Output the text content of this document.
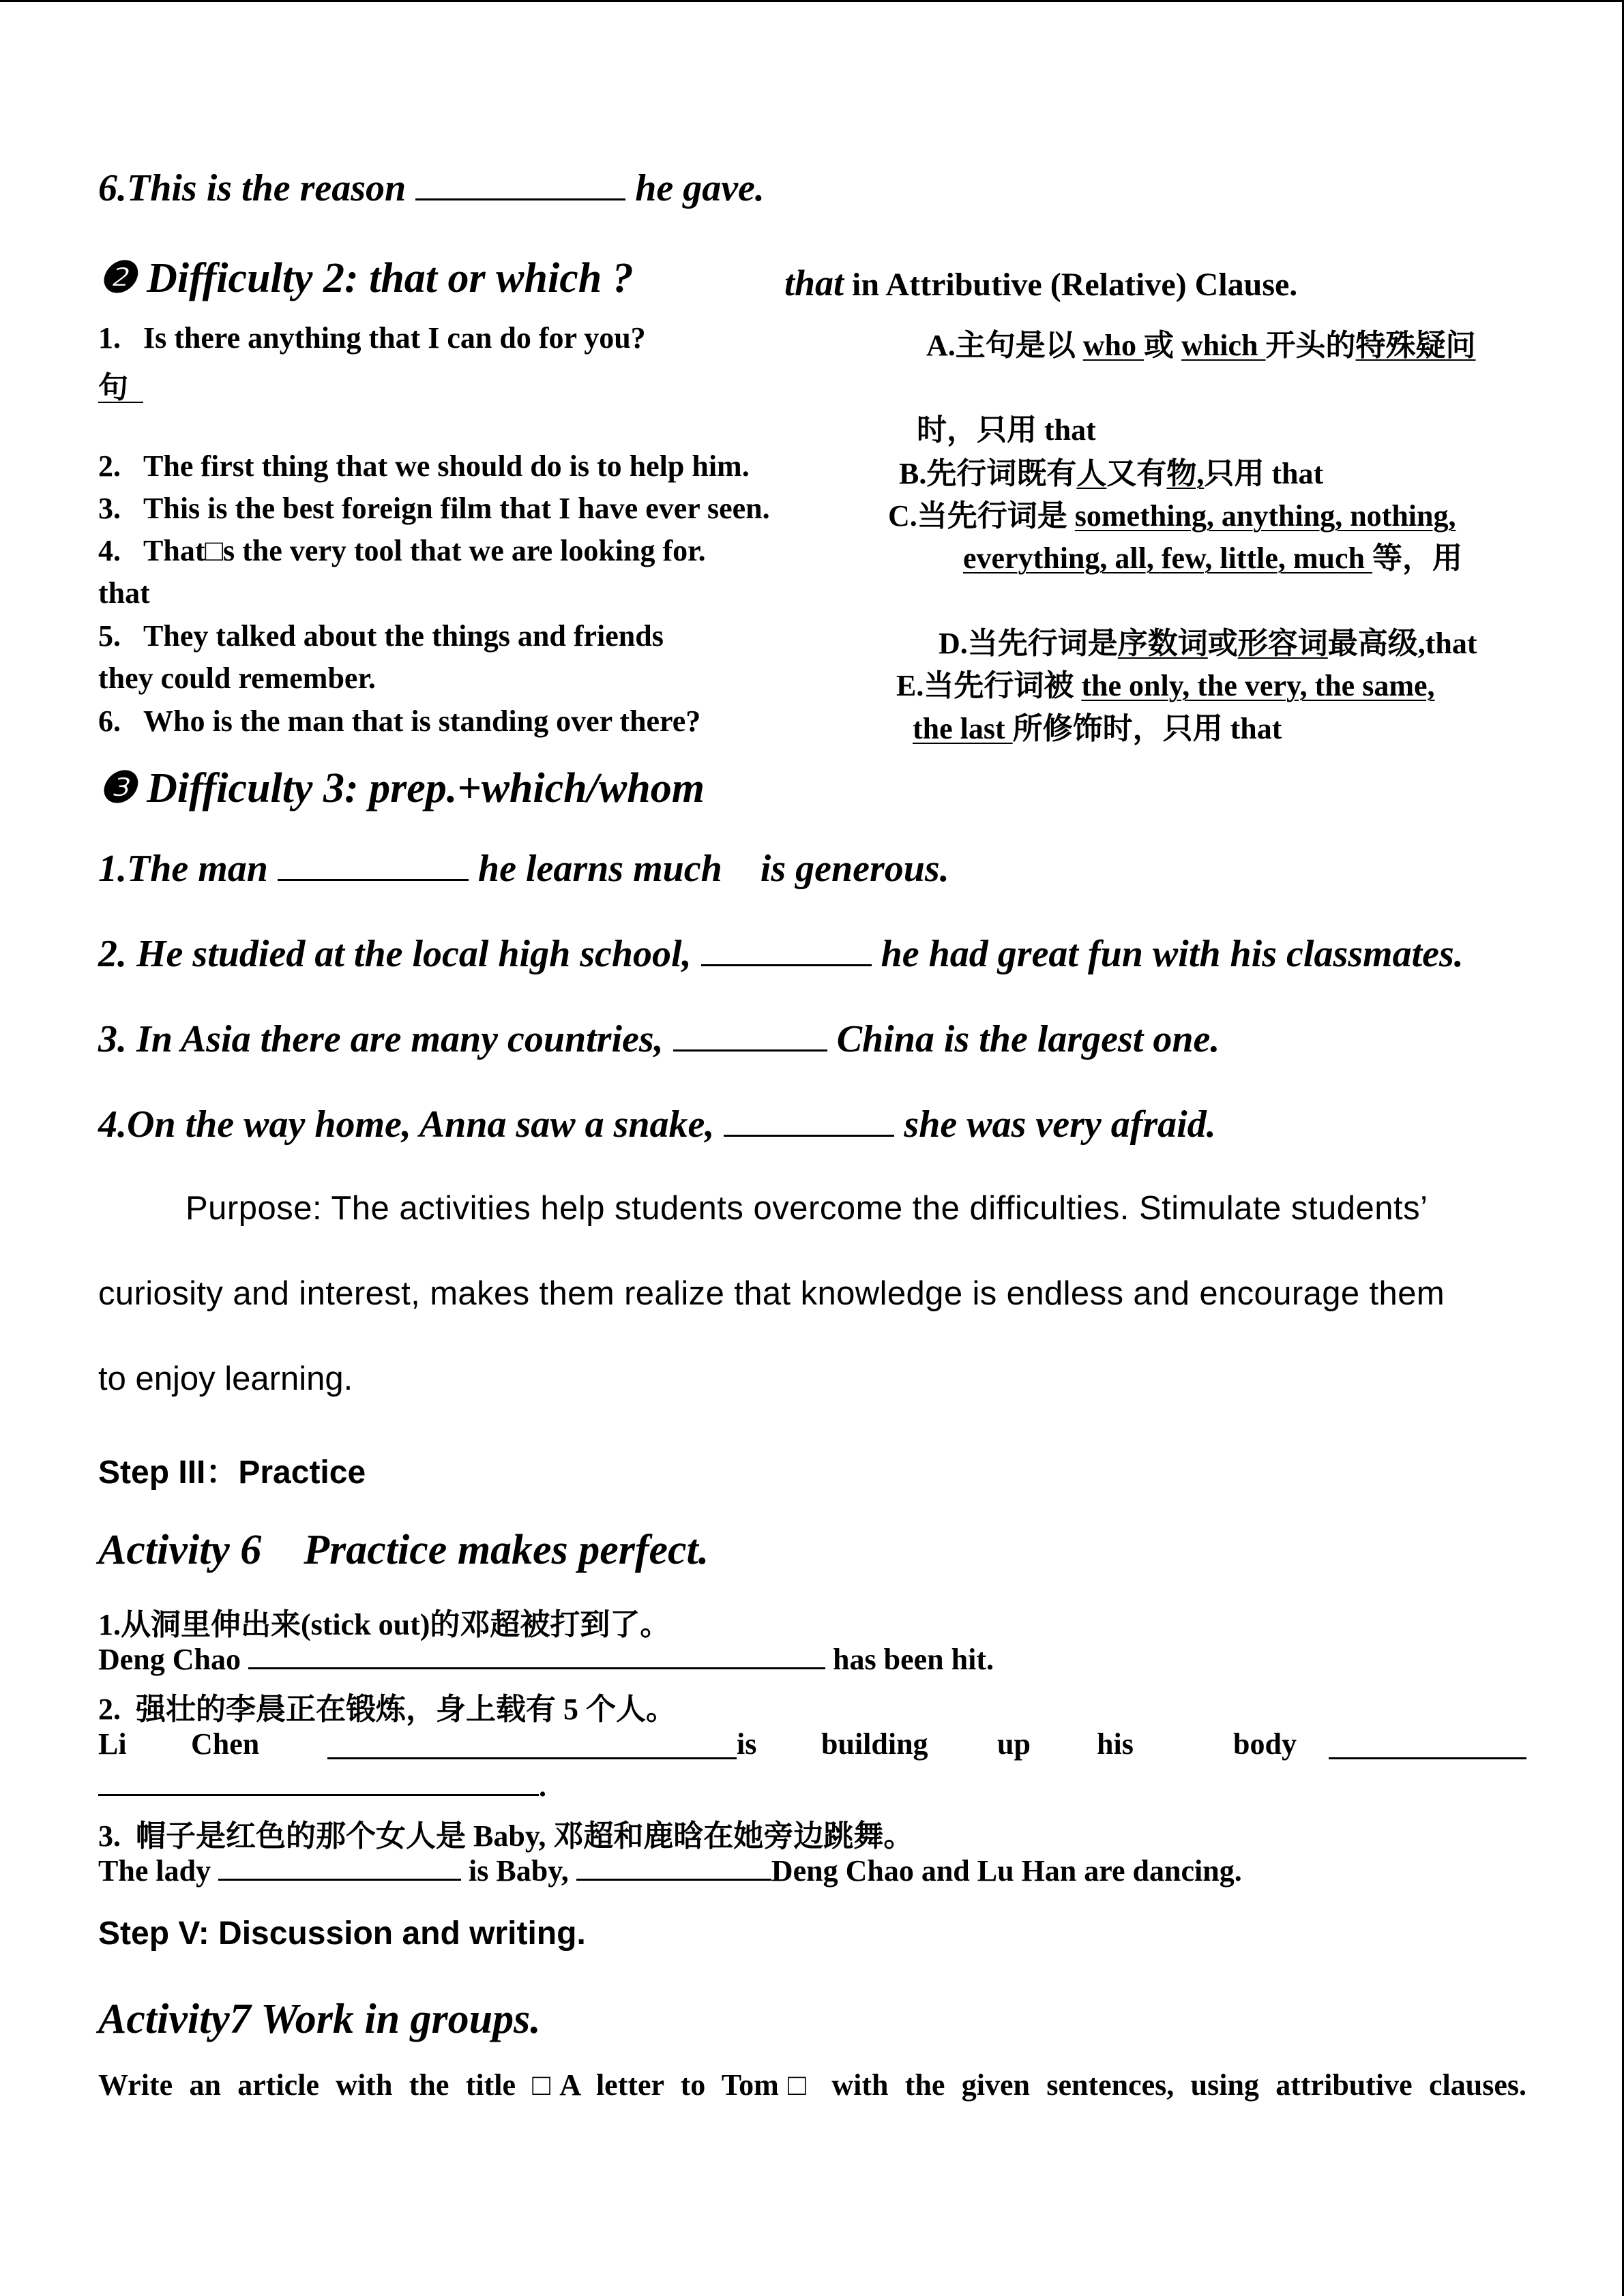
6.This is the reason	he gave.
❷ Difficulty 2: that or which ?	that in Attributive (Relative) Clause.
1.   Is there anything that I can do for you?
句
2.   The first thing that we should do is to help him.
3.   This is the best foreign film that I have ever seen.
4.   That□s the very tool that we are looking for.
that
5.   They talked about the things and friends
they could remember.
6.   Who is the man that is standing over there?
A.主句是以 who 或 which 开头的特殊疑问
时，只用 that
B.先行词既有人又有物,只用 that
C.当先行词是 something, anything, nothing,
everything, all, few, little, much 等，用
D.当先行词是序数词或形容词最高级,that
E.当先行词被 the only, the very, the same,
the last 所修饰时，只用 that
❸ Difficulty 3: prep.+which/whom
1.The man	he learns much    is generous.
2. He studied at the local high school,	he had great fun with his classmates.
3. In Asia there are many countries,	China is the largest one.
4.On the way home, Anna saw a snake,	she was very afraid.
Purpose: The activities help students overcome the difficulties. Stimulate students’
curiosity and interest, makes them realize that knowledge is endless and encourage them
to enjoy learning.
Step III：Practice
Activity 6    Practice makes perfect.
1.从洞里伸出来(stick out)的邓超被打到了。
Deng Chao	has been hit.
2.  强壮的李晨正在锻炼，身上载有 5 个人。
Li Chen	is building up his	body
.
3.  帽子是红色的那个女人是 Baby, 邓超和鹿晗在她旁边跳舞。
The lady	is Baby,	Deng Chao and Lu Han are dancing.
Step V: Discussion and writing.
Activity7 Work in groups.
Write an article with the title □A letter to Tom□ with the given sentences, using attributive clauses.
